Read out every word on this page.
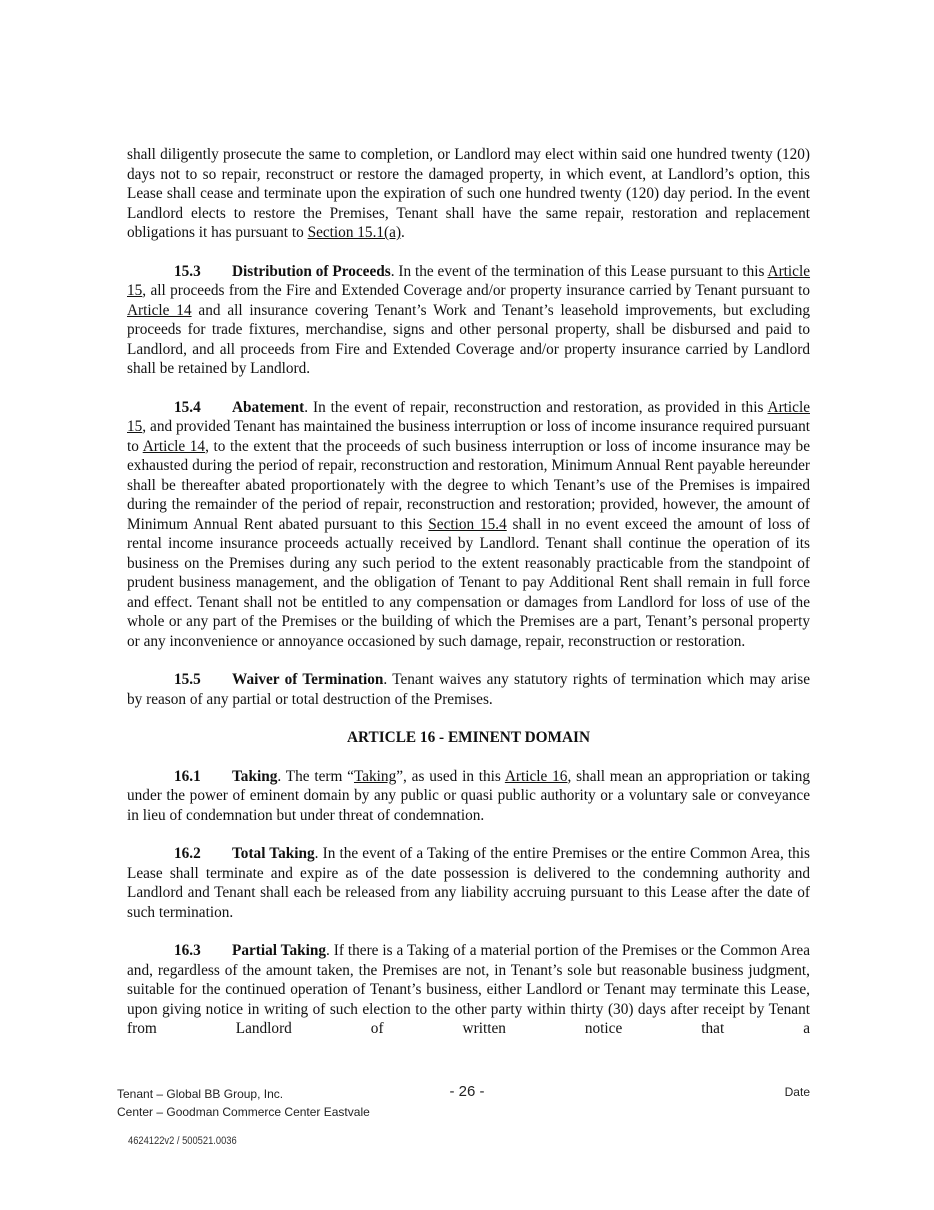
shall diligently prosecute the same to completion, or Landlord may elect within said one hundred twenty (120) days not to so repair, reconstruct or restore the damaged property, in which event, at Landlord’s option, this Lease shall cease and terminate upon the expiration of such one hundred twenty (120) day period. In the event Landlord elects to restore the Premises, Tenant shall have the same repair, restoration and replacement obligations it has pursuant to Section 15.1(a).

15.3 Distribution of Proceeds. In the event of the termination of this Lease pursuant to this Article 15, all proceeds from the Fire and Extended Coverage and/or property insurance carried by Tenant pursuant to Article 14 and all insurance covering Tenant’s Work and Tenant’s leasehold improvements, but excluding proceeds for trade fixtures, merchandise, signs and other personal property, shall be disbursed and paid to Landlord, and all proceeds from Fire and Extended Coverage and/or property insurance carried by Landlord shall be retained by Landlord.

15.4 Abatement. In the event of repair, reconstruction and restoration, as provided in this Article 15, and provided Tenant has maintained the business interruption or loss of income insurance required pursuant to Article 14, to the extent that the proceeds of such business interruption or loss of income insurance may be exhausted during the period of repair, reconstruction and restoration, Minimum Annual Rent payable hereunder shall be thereafter abated proportionately with the degree to which Tenant’s use of the Premises is impaired during the remainder of the period of repair, reconstruction and restoration; provided, however, the amount of Minimum Annual Rent abated pursuant to this Section 15.4 shall in no event exceed the amount of loss of rental income insurance proceeds actually received by Landlord. Tenant shall continue the operation of its business on the Premises during any such period to the extent reasonably practicable from the standpoint of prudent business management, and the obligation of Tenant to pay Additional Rent shall remain in full force and effect. Tenant shall not be entitled to any compensation or damages from Landlord for loss of use of the whole or any part of the Premises or the building of which the Premises are a part, Tenant’s personal property or any inconvenience or annoyance occasioned by such damage, repair, reconstruction or restoration.

15.5 Waiver of Termination. Tenant waives any statutory rights of termination which may arise by reason of any partial or total destruction of the Premises.

ARTICLE 16 - EMINENT DOMAIN

16.1 Taking. The term “Taking”, as used in this Article 16, shall mean an appropriation or taking under the power of eminent domain by any public or quasi public authority or a voluntary sale or conveyance in lieu of condemnation but under threat of condemnation.

16.2 Total Taking. In the event of a Taking of the entire Premises or the entire Common Area, this Lease shall terminate and expire as of the date possession is delivered to the condemning authority and Landlord and Tenant shall each be released from any liability accruing pursuant to this Lease after the date of such termination.

16.3 Partial Taking. If there is a Taking of a material portion of the Premises or the Common Area and, regardless of the amount taken, the Premises are not, in Tenant’s sole but reasonable business judgment, suitable for the continued operation of Tenant’s business, either Landlord or Tenant may terminate this Lease, upon giving notice in writing of such election to the other party within thirty (30) days after receipt by Tenant from Landlord of written notice that a

Tenant – Global BB Group, Inc.
Center – Goodman Commerce Center Eastvale
- 26 -	Date
4624122v2 / 500521.0036
